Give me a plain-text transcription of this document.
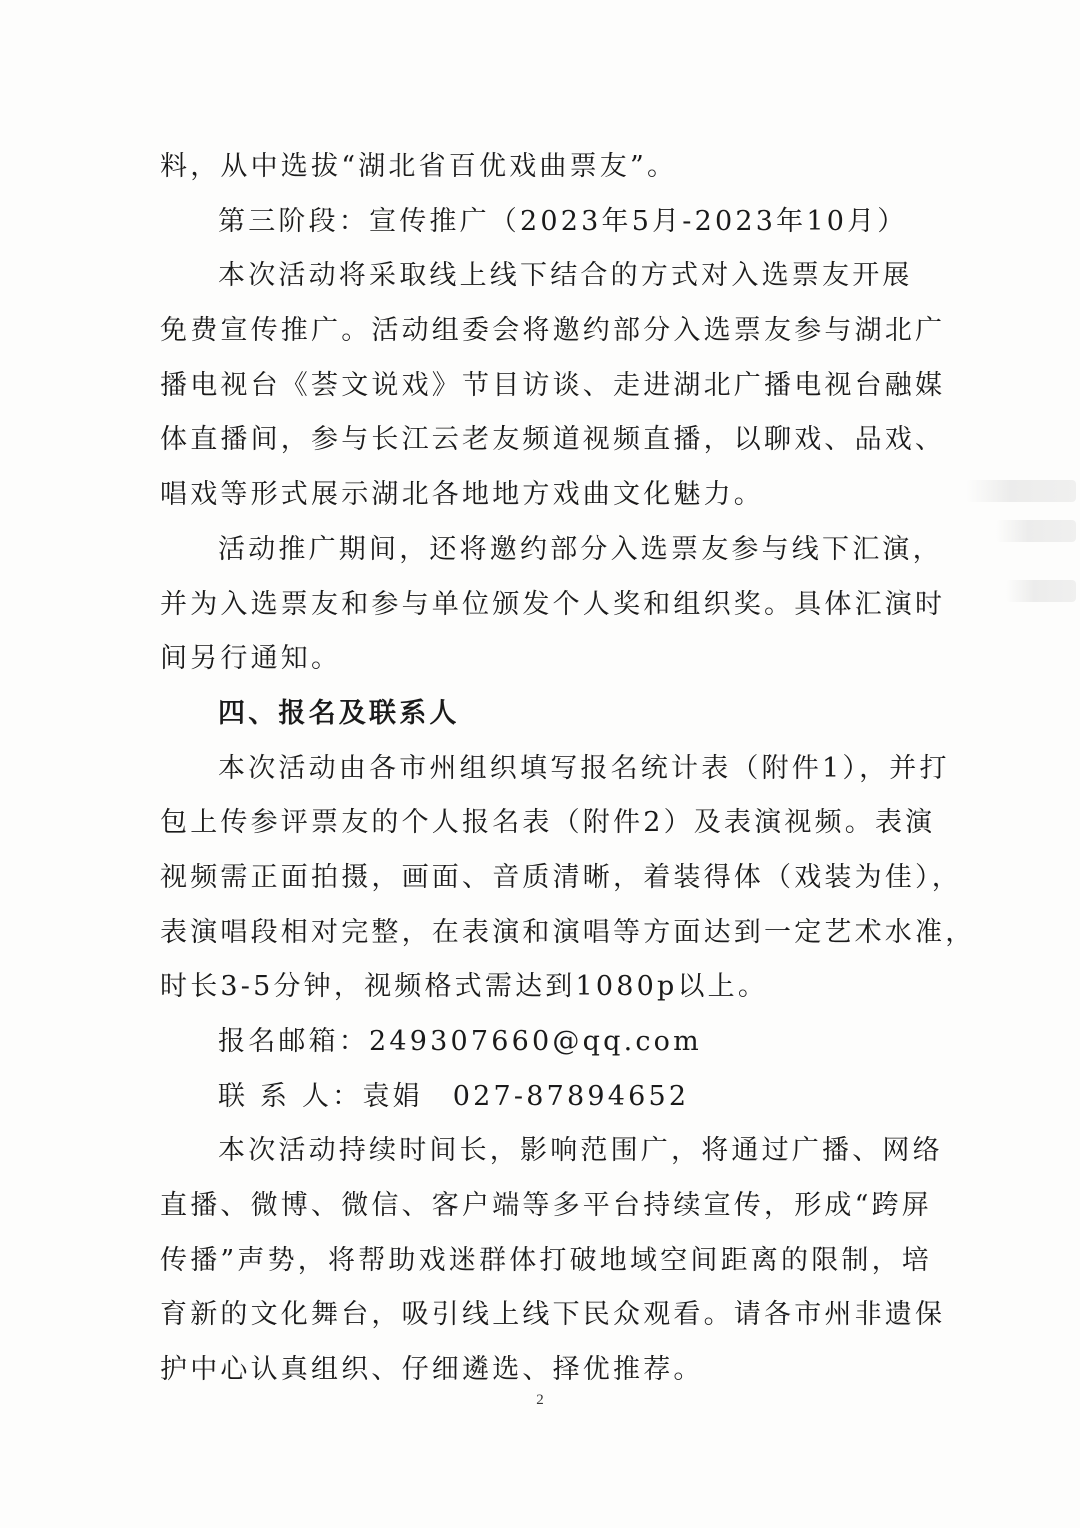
料，从中选拔“湖北省百优戏曲票友”。
第三阶段：宣传推广（2023年5月-2023年10月）
本次活动将采取线上线下结合的方式对入选票友开展
免费宣传推广。活动组委会将邀约部分入选票友参与湖北广
播电视台《荟文说戏》节目访谈、走进湖北广播电视台融媒
体直播间，参与长江云老友频道视频直播，以聊戏、品戏、
唱戏等形式展示湖北各地地方戏曲文化魅力。
活动推广期间，还将邀约部分入选票友参与线下汇演，
并为入选票友和参与单位颁发个人奖和组织奖。具体汇演时
间另行通知。
四、报名及联系人
本次活动由各市州组织填写报名统计表（附件1），并打
包上传参评票友的个人报名表（附件2）及表演视频。表演
视频需正面拍摄，画面、音质清晰，着装得体（戏装为佳），
表演唱段相对完整，在表演和演唱等方面达到一定艺术水准，
时长3-5分钟，视频格式需达到1080p以上。
报名邮箱：249307660@qq.com
联 系 人：袁娟 027-87894652
本次活动持续时间长，影响范围广，将通过广播、网络
直播、微博、微信、客户端等多平台持续宣传，形成“跨屏
传播”声势，将帮助戏迷群体打破地域空间距离的限制，培
育新的文化舞台，吸引线上线下民众观看。请各市州非遗保
护中心认真组织、仔细遴选、择优推荐。
2
